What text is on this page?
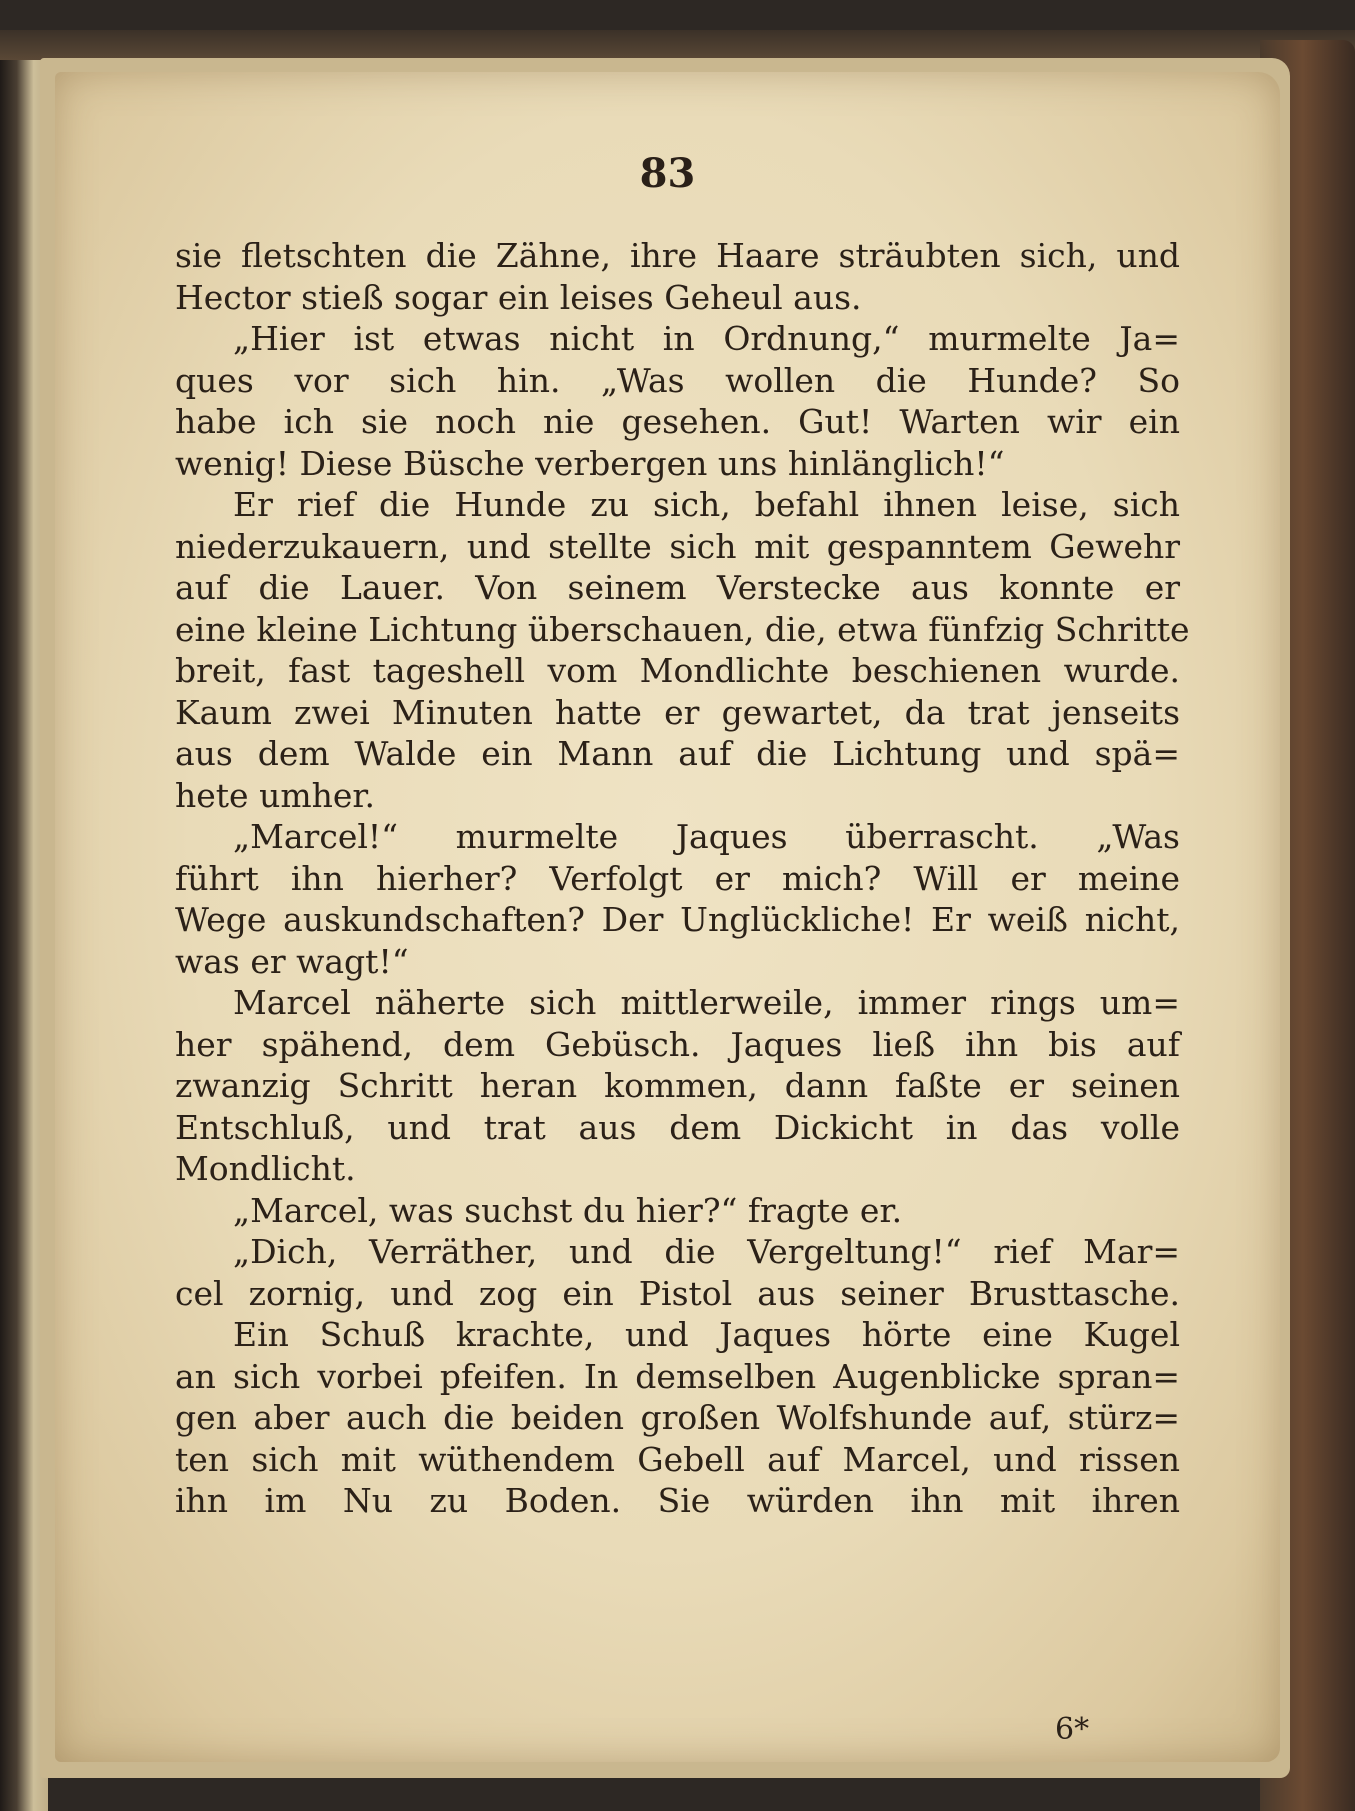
83
6*
sie fletschten die Zähne, ihre Haare sträubten sich, und
Hector stieß sogar ein leises Geheul aus.
„Hier ist etwas nicht in Ordnung,“ murmelte Ja=
ques vor sich hin. „Was wollen die Hunde? So
habe ich sie noch nie gesehen. Gut! Warten wir ein
wenig! Diese Büsche verbergen uns hinlänglich!“
Er rief die Hunde zu sich, befahl ihnen leise, sich
niederzukauern, und stellte sich mit gespanntem Gewehr
auf die Lauer. Von seinem Verstecke aus konnte er
eine kleine Lichtung überschauen, die, etwa fünfzig Schritte
breit, fast tageshell vom Mondlichte beschienen wurde.
Kaum zwei Minuten hatte er gewartet, da trat jenseits
aus dem Walde ein Mann auf die Lichtung und spä=
hete umher.
„Marcel!“ murmelte Jaques überrascht. „Was
führt ihn hierher? Verfolgt er mich? Will er meine
Wege auskundschaften? Der Unglückliche! Er weiß nicht,
was er wagt!“
Marcel näherte sich mittlerweile, immer rings um=
her spähend, dem Gebüsch. Jaques ließ ihn bis auf
zwanzig Schritt heran kommen, dann faßte er seinen
Entschluß, und trat aus dem Dickicht in das volle
Mondlicht.
„Marcel, was suchst du hier?“ fragte er.
„Dich, Verräther, und die Vergeltung!“ rief Mar=
cel zornig, und zog ein Pistol aus seiner Brusttasche.
Ein Schuß krachte, und Jaques hörte eine Kugel
an sich vorbei pfeifen. In demselben Augenblicke spran=
gen aber auch die beiden großen Wolfshunde auf, stürz=
ten sich mit wüthendem Gebell auf Marcel, und rissen
ihn im Nu zu Boden. Sie würden ihn mit ihren
